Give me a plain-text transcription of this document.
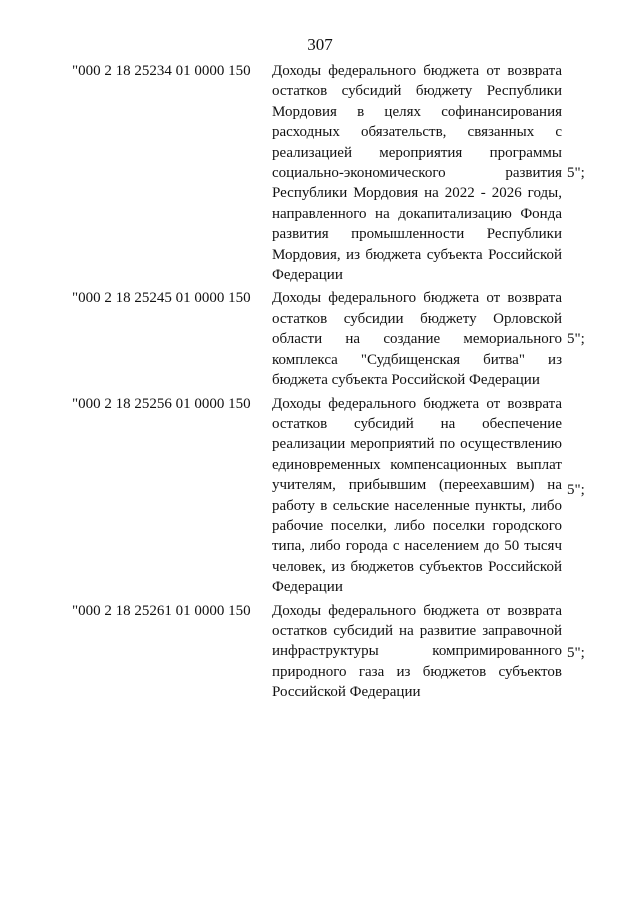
307
"000 2 18 25234 01 0000 150	Доходы федерального бюджета от возврата
остатков субсидий бюджету Республики
Мордовия в целях софинансирования
расходных обязательств, связанных с
реализацией мероприятия программы
социально-экономического развития
Республики Мордовия на 2022 - 2026 годы,
направленного на докапитализацию Фонда
развития промышленности Республики
Мордовия, из бюджета субъекта Российской
Федерации
5";
"000 2 18 25245 01 0000 150	Доходы федерального бюджета от возврата
остатков субсидии бюджету Орловской
области на создание мемориального
комплекса "Судбищенская битва" из
бюджета субъекта Российской Федерации
5";
"000 2 18 25256 01 0000 150	Доходы федерального бюджета от возврата
остатков субсидий на обеспечение
реализации мероприятий по осуществлению
единовременных компенсационных выплат
учителям, прибывшим (переехавшим) на
работу в сельские населенные пункты, либо
рабочие поселки, либо поселки городского
типа, либо города с населением до 50 тысяч
человек, из бюджетов субъектов Российской
Федерации
5";
"000 2 18 25261 01 0000 150	Доходы федерального бюджета от возврата
остатков субсидий на развитие заправочной
инфраструктуры компримированного
природного газа из бюджетов субъектов
Российской Федерации
5";
